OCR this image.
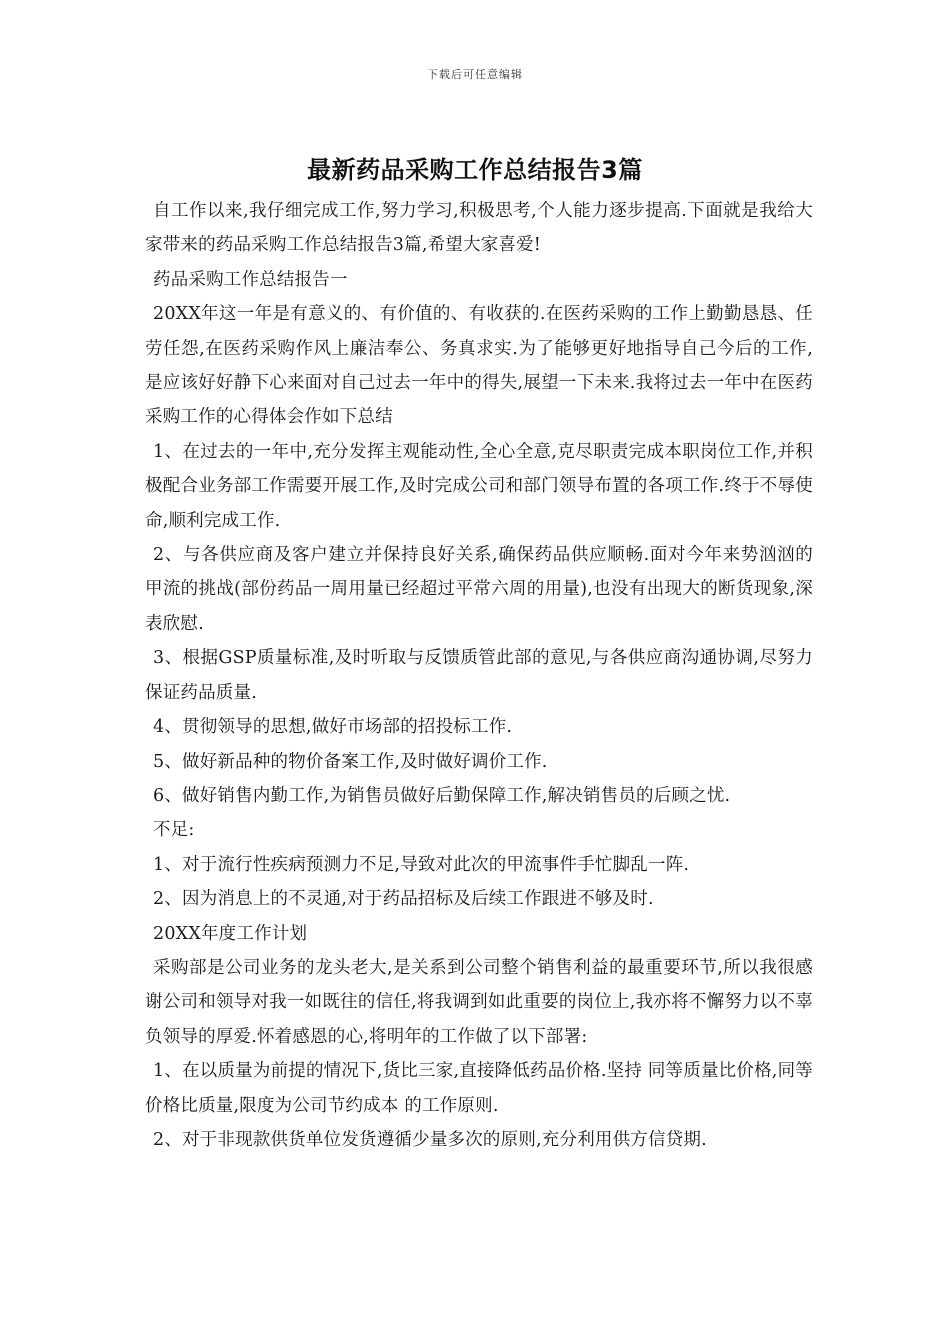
下载后可任意编辑
最新药品采购工作总结报告3篇

自工作以来,我仔细完成工作,努力学习,积极思考,个人能力逐步提高.下面就是我给大家带来的药品采购工作总结报告3篇,希望大家喜爱!

药品采购工作总结报告一

20XX年这一年是有意义的、有价值的、有收获的.在医药采购的工作上勤勤恳恳、任劳任怨,在医药采购作风上廉洁奉公、务真求实.为了能够更好地指导自己今后的工作,是应该好好静下心来面对自己过去一年中的得失,展望一下未来.我将过去一年中在医药采购工作的心得体会作如下总结

1、在过去的一年中,充分发挥主观能动性,全心全意,克尽职责完成本职岗位工作,并积极配合业务部工作需要开展工作,及时完成公司和部门领导布置的各项工作.终于不辱使命,顺利完成工作.

2、与各供应商及客户建立并保持良好关系,确保药品供应顺畅.面对今年来势汹汹的甲流的挑战(部份药品一周用量已经超过平常六周的用量),也没有出现大的断货现象,深表欣慰.

3、根据GSP质量标准,及时听取与反馈质管此部的意见,与各供应商沟通协调,尽努力保证药品质量.

4、贯彻领导的思想,做好市场部的招投标工作.

5、做好新品种的物价备案工作,及时做好调价工作.

6、做好销售内勤工作,为销售员做好后勤保障工作,解决销售员的后顾之忧.

不足:

1、对于流行性疾病预测力不足,导致对此次的甲流事件手忙脚乱一阵.

2、因为消息上的不灵通,对于药品招标及后续工作跟进不够及时.

20XX年度工作计划

采购部是公司业务的龙头老大,是关系到公司整个销售利益的最重要环节,所以我很感谢公司和领导对我一如既往的信任,将我调到如此重要的岗位上,我亦将不懈努力以不辜负领导的厚爱.怀着感恩的心,将明年的工作做了以下部署:

1、在以质量为前提的情况下,货比三家,直接降低药品价格.坚持 同等质量比价格,同等价格比质量,限度为公司节约成本 的工作原则.

2、对于非现款供货单位发货遵循少量多次的原则,充分利用供方信贷期.
